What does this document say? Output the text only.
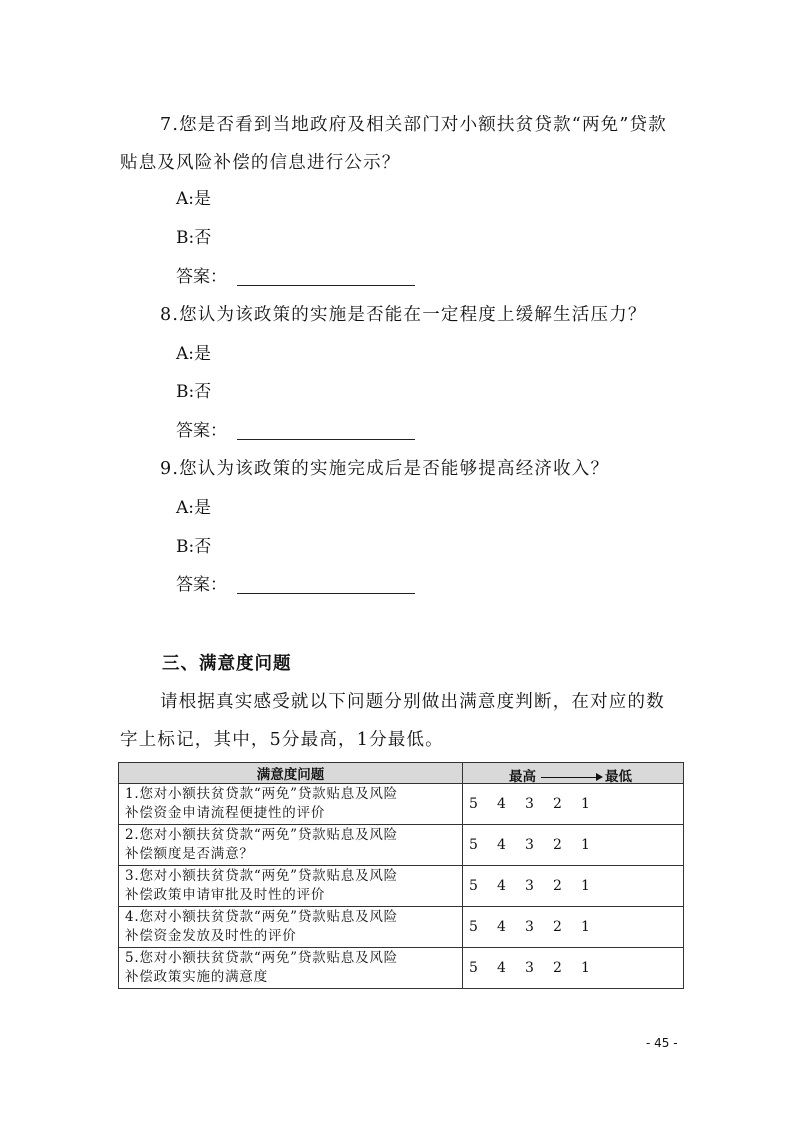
7.您是否看到当地政府及相关部门对小额扶贫贷款“两免”贷款贴息及风险补偿的信息进行公示？
A:是
B:否
答案：
8.您认为该政策的实施是否能在一定程度上缓解生活压力？
A:是
B:否
答案：
9.您认为该政策的实施完成后是否能够提高经济收入？
A:是
B:否
答案：
三、满意度问题
请根据真实感受就以下问题分别做出满意度判断，在对应的数字上标记，其中，5分最高，1分最低。
满意度问题	最高 最低

1.您对小额扶贫贷款“两免”贷款贴息及风险
补偿资金申请流程便捷性的评价	5 4 3 2 1
2.您对小额扶贫贷款“两免”贷款贴息及风险
补偿额度是否满意？	5 4 3 2 1
3.您对小额扶贫贷款“两免”贷款贴息及风险
补偿政策申请审批及时性的评价	5 4 3 2 1
4.您对小额扶贫贷款“两免”贷款贴息及风险
补偿资金发放及时性的评价	5 4 3 2 1
5.您对小额扶贫贷款“两免”贷款贴息及风险
补偿政策实施的满意度	5 4 3 2 1
- 45 -
